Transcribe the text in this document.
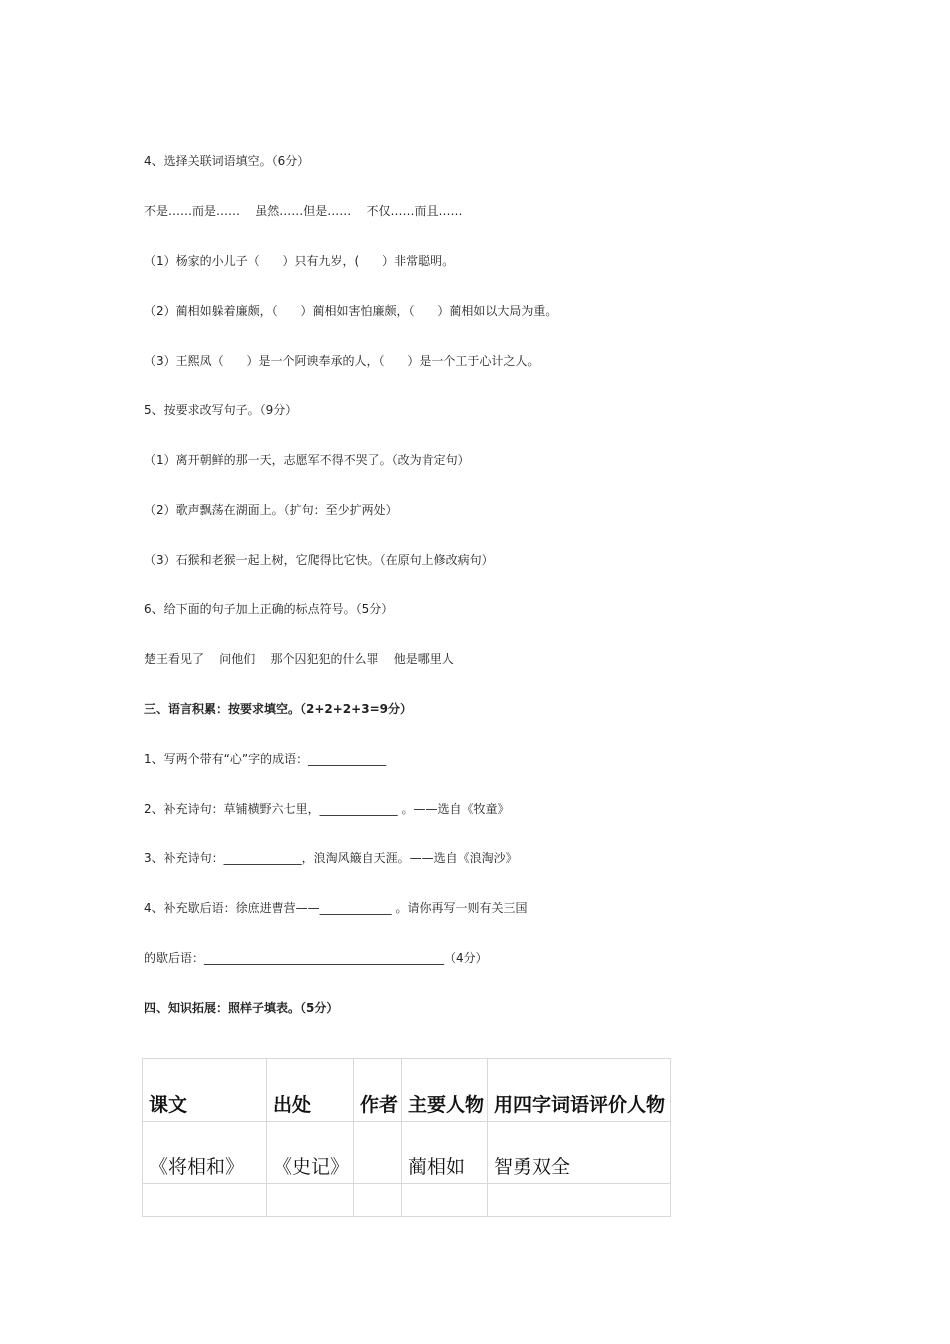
4、选择关联词语填空。（6分）
不是……而是……    虽然……但是……    不仅……而且……
（1）杨家的小儿子（      ）只有九岁，(      ）非常聪明。
（2）蔺相如躲着廉颇，（      ）蔺相如害怕廉颇，（      ）蔺相如以大局为重。
（3）王熙凤（      ）是一个阿谀奉承的人，（      ）是一个工于心计之人。
5、按要求改写句子。（9分）
（1）离开朝鲜的那一天，志愿军不得不哭了。（改为肯定句）
（2）歌声飘荡在湖面上。（扩句：至少扩两处）
（3）石猴和老猴一起上树，它爬得比它快。（在原句上修改病句）
6、给下面的句子加上正确的标点符号。（5分）
楚王看见了    问他们    那个囚犯犯的什么罪    他是哪里人
三、语言积累：按要求填空。（2+2+2+3=9分）
1、写两个带有“心”字的成语：_____________
2、补充诗句：草铺横野六七里，_____________ 。——选自《牧童》
3、补充诗句：_____________，浪淘风簸自天涯。——选自《浪淘沙》
4、补充歇后语：徐庶进曹营——____________ 。请你再写一则有关三国
的歇后语：________________________________________（4分）
四、知识拓展：照样子填表。（5分）
课文	出处	作者	主要人物	用四字词语评价人物
《将相和》	《史记》		蔺相如	智勇双全
